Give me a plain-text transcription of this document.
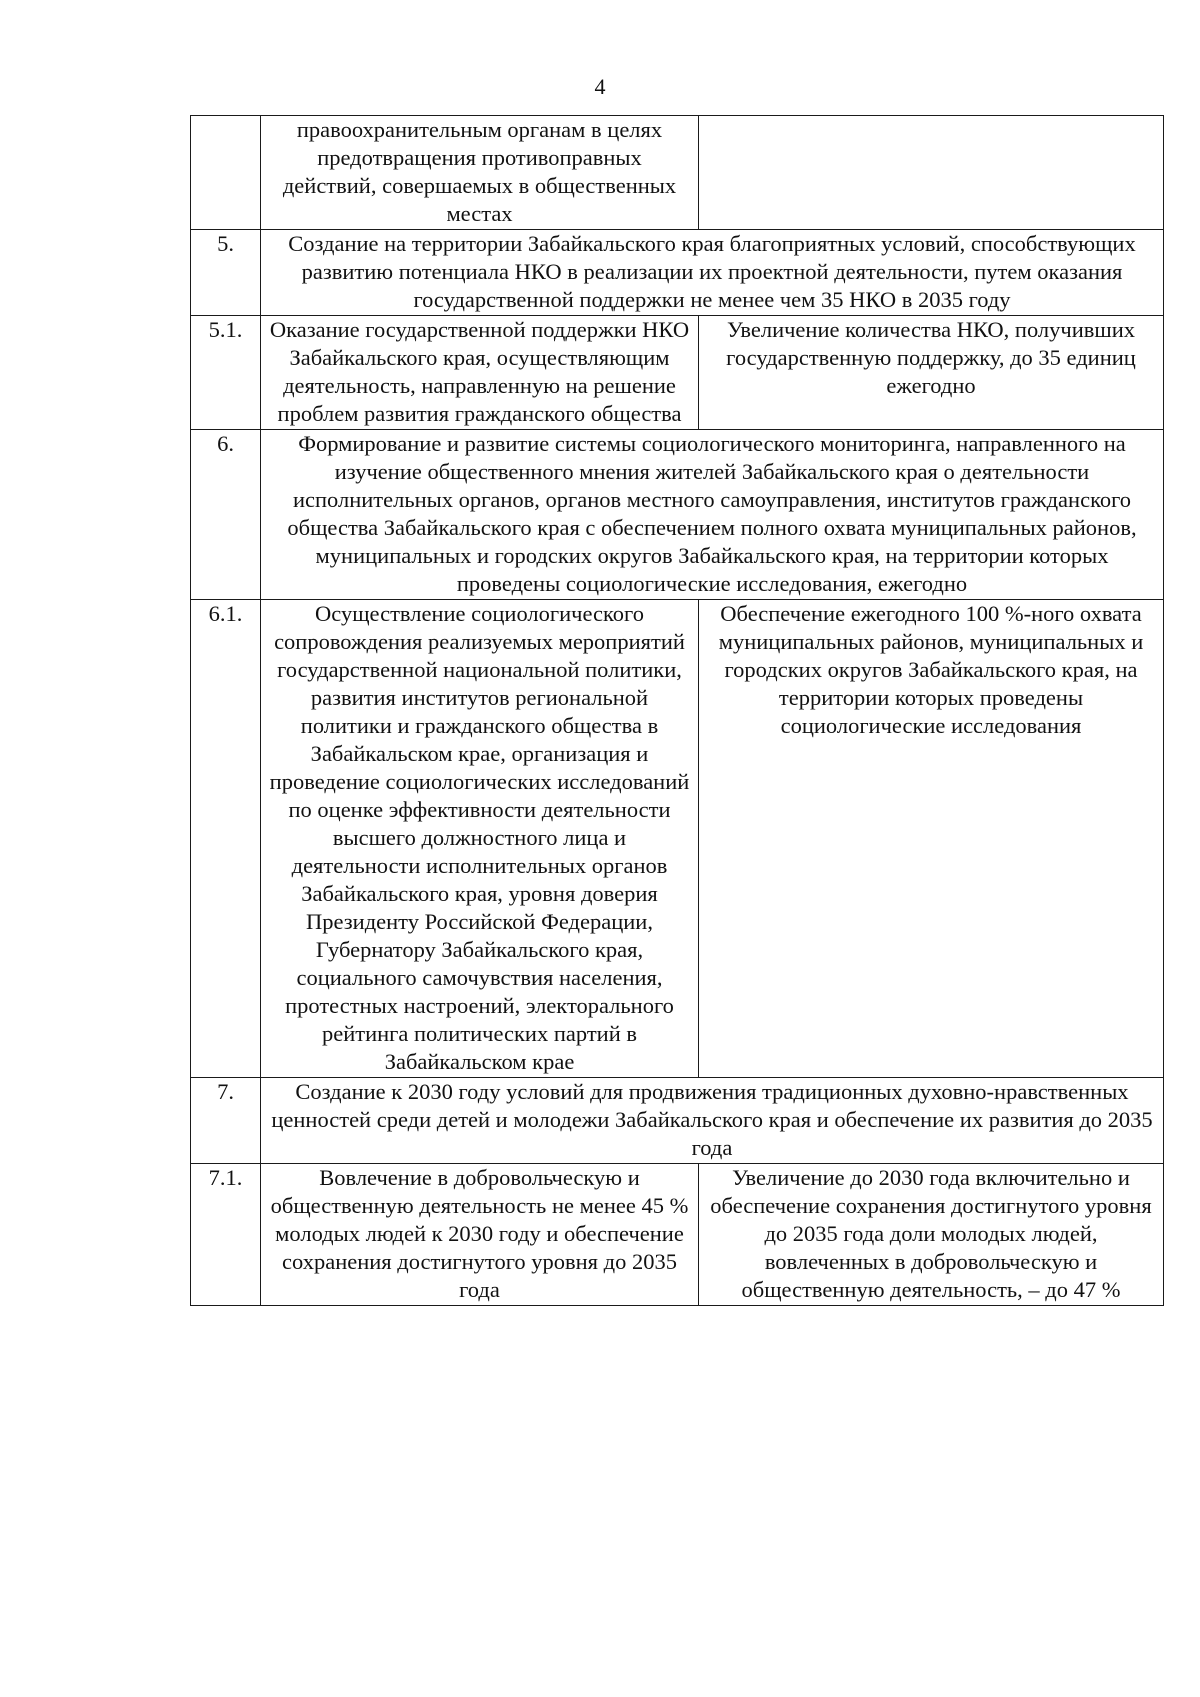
4
	правоохранительным органам в целях предотвращения противоправных действий, совершаемых в общественных местах	
5.	Создание на территории Забайкальского края благоприятных условий, способствующих развитию потенциала НКО в реализации их проектной деятельности, путем оказания государственной поддержки не менее чем 35 НКО в 2035 году	
5.1.	Оказание государственной поддержки НКО Забайкальского края, осуществляющим деятельность, направленную на решение проблем развития гражданского общества	Увеличение количества НКО, получивших государственную поддержку, до 35 единиц ежегодно
6.	Формирование и развитие системы социологического мониторинга, направленного на изучение общественного мнения жителей Забайкальского края о деятельности исполнительных органов, органов местного самоуправления, институтов гражданского общества Забайкальского края с обеспечением полного охвата муниципальных районов, муниципальных и городских округов Забайкальского края, на территории которых проведены социологические исследования, ежегодно	
6.1.	Осуществление социологического сопровождения реализуемых мероприятий государственной национальной политики, развития институтов региональной политики и гражданского общества в Забайкальском крае, организация и проведение социологических исследований по оценке эффективности деятельности высшего должностного лица и деятельности исполнительных органов Забайкальского края, уровня доверия Президенту Российской Федерации, Губернатору Забайкальского края, социального самочувствия населения, протестных настроений, электорального рейтинга политических партий в Забайкальском крае	Обеспечение ежегодного 100 %-ного охвата муниципальных районов, муниципальных и городских округов Забайкальского края, на территории которых проведены социологические исследования
7.	Создание к 2030 году условий для продвижения традиционных духовно-нравственных ценностей среди детей и молодежи Забайкальского края и обеспечение их развития до 2035 года	
7.1.	Вовлечение в добровольческую и общественную деятельность не менее 45 % молодых людей к 2030 году и обеспечение сохранения достигнутого уровня до 2035 года	Увеличение до 2030 года включительно и обеспечение сохранения достигнутого уровня до 2035 года доли молодых людей, вовлеченных в добровольческую и общественную деятельность, – до 47 %
